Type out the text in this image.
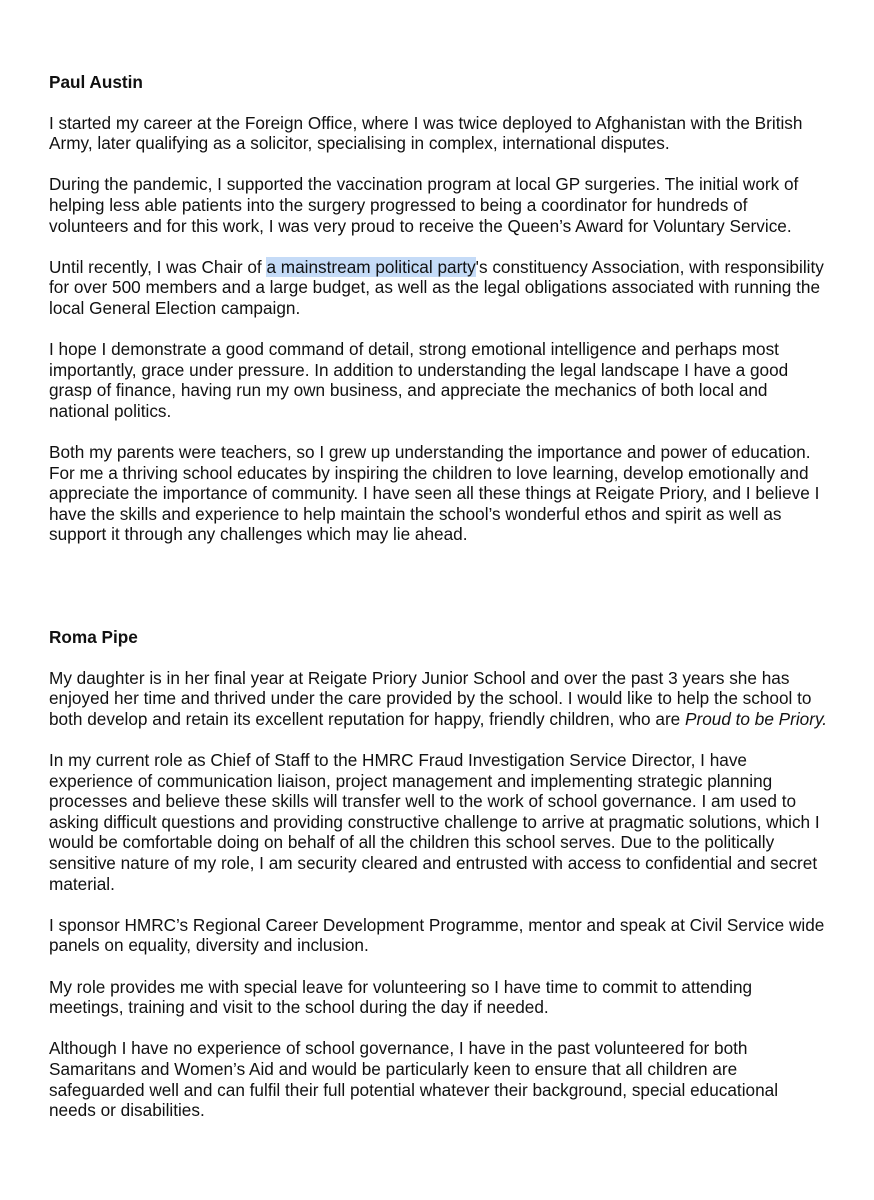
Paul Austin

I started my career at the Foreign Office, where I was twice deployed to Afghanistan with the British Army, later qualifying as a solicitor, specialising in complex, international disputes.

During the pandemic, I supported the vaccination program at local GP surgeries. The initial work of helping less able patients into the surgery progressed to being a coordinator for hundreds of volunteers and for this work, I was very proud to receive the Queen’s Award for Voluntary Service.

Until recently, I was Chair of a mainstream political party's constituency Association, with responsibility for over 500 members and a large budget, as well as the legal obligations associated with running the local General Election campaign.

I hope I demonstrate a good command of detail, strong emotional intelligence and perhaps most importantly, grace under pressure. In addition to understanding the legal landscape I have a good grasp of finance, having run my own business, and appreciate the mechanics of both local and national politics.

Both my parents were teachers, so I grew up understanding the importance and power of education. For me a thriving school educates by inspiring the children to love learning, develop emotionally and appreciate the importance of community. I have seen all these things at Reigate Priory, and I believe I have the skills and experience to help maintain the school’s wonderful ethos and spirit as well as support it through any challenges which may lie ahead.

Roma Pipe

My daughter is in her final year at Reigate Priory Junior School and over the past 3 years she has enjoyed her time and thrived under the care provided by the school. I would like to help the school to both develop and retain its excellent reputation for happy, friendly children, who are Proud to be Priory.

In my current role as Chief of Staff to the HMRC Fraud Investigation Service Director, I have experience of communication liaison, project management and implementing strategic planning processes and believe these skills will transfer well to the work of school governance. I am used to asking difficult questions and providing constructive challenge to arrive at pragmatic solutions, which I would be comfortable doing on behalf of all the children this school serves. Due to the politically sensitive nature of my role, I am security cleared and entrusted with access to confidential and secret material.

I sponsor HMRC’s Regional Career Development Programme, mentor and speak at Civil Service wide panels on equality, diversity and inclusion.

My role provides me with special leave for volunteering so I have time to commit to attending meetings, training and visit to the school during the day if needed.

Although I have no experience of school governance, I have in the past volunteered for both Samaritans and Women’s Aid and would be particularly keen to ensure that all children are safeguarded well and can fulfil their full potential whatever their background, special educational needs or disabilities.
